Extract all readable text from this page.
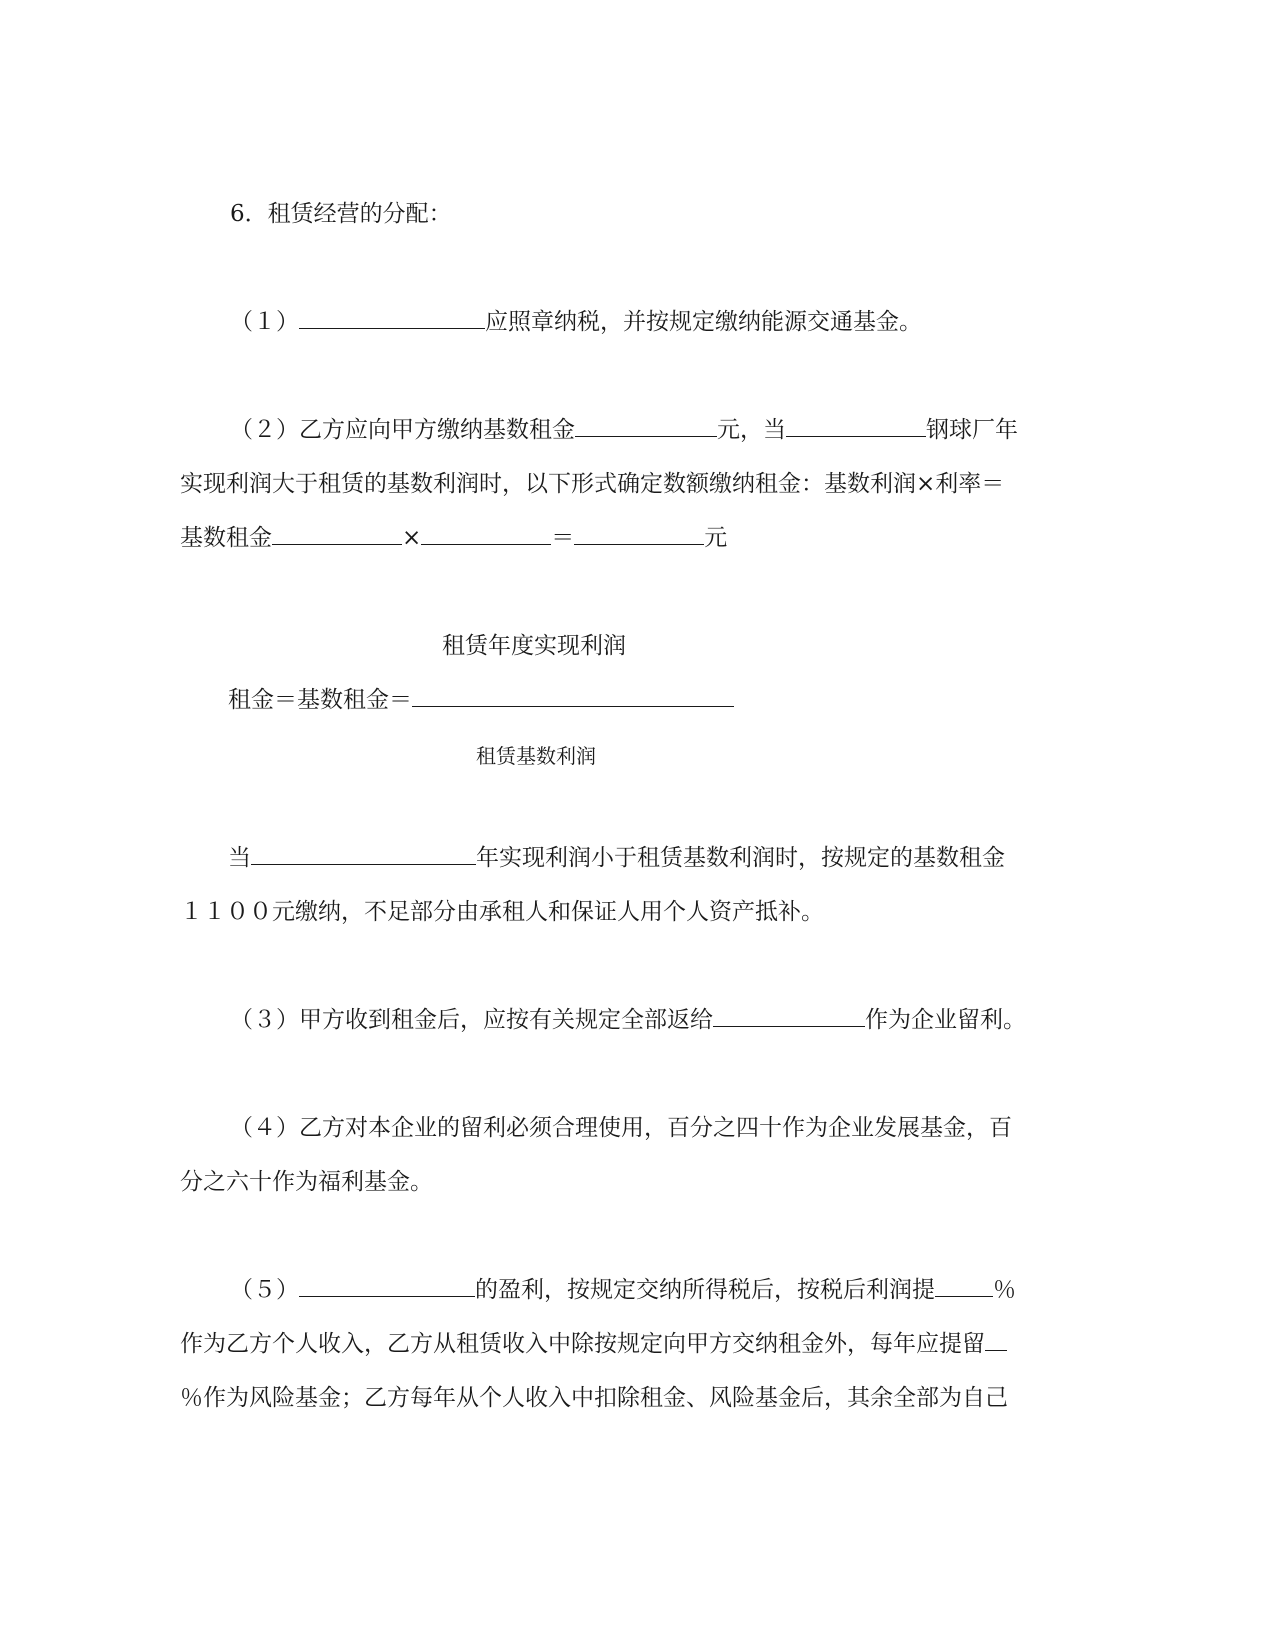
6．租赁经营的分配：
（１）	应照章纳税，并按规定缴纳能源交通基金。
（２）乙方应向甲方缴纳基数租金	元，当	钢球厂年
实现利润大于租赁的基数利润时，以下形式确定数额缴纳租金：基数利润×利率＝
基数租金	×	＝	元
租赁年度实现利润
租金＝基数租金＝
租赁基数利润
当	年实现利润小于租赁基数利润时，按规定的基数租金
１１００元缴纳，不足部分由承租人和保证人用个人资产抵补。
（３）甲方收到租金后，应按有关规定全部返给	作为企业留利。
（４）乙方对本企业的留利必须合理使用，百分之四十作为企业发展基金，百
分之六十作为福利基金。
（５）	的盈利，按规定交纳所得税后，按税后利润提	％
作为乙方个人收入，乙方从租赁收入中除按规定向甲方交纳租金外，每年应提留
％作为风险基金；乙方每年从个人收入中扣除租金、风险基金后，其余全部为自己
